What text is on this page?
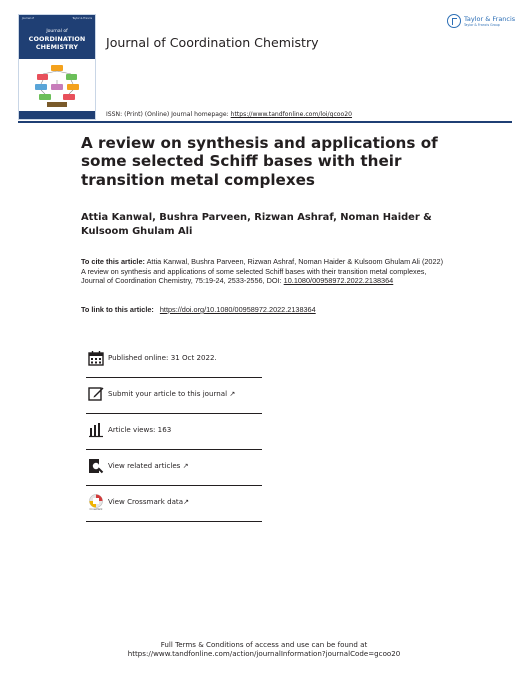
Journal of	Taylor & Francis
Journal of
COORDINATION
CHEMISTRY	Journal of Coordination Chemistry
Taylor & Francis
Taylor & Francis Group
ISSN: (Print) (Online) Journal homepage: https://www.tandfonline.com/loi/gcoo20
A review on synthesis and applications of some selected Schiff bases with their transition metal complexes
Attia Kanwal, Bushra Parveen, Rizwan Ashraf, Noman Haider & Kulsoom Ghulam Ali
To cite this article: Attia Kanwal, Bushra Parveen, Rizwan Ashraf, Noman Haider & Kulsoom Ghulam Ali (2022) A review on synthesis and applications of some selected Schiff bases with their transition metal complexes, Journal of Coordination Chemistry, 75:19-24, 2533-2556, DOI: 10.1080/00958972.2022.2138364
To link to this article: https://doi.org/10.1080/00958972.2022.2138364
Published online: 31 Oct 2022.
Submit your article to this journal ↗
Article views: 163
View related articles ↗
CrossMark
View Crossmark data↗
Full Terms & Conditions of access and use can be found at
https://www.tandfonline.com/action/journalInformation?journalCode=gcoo20
